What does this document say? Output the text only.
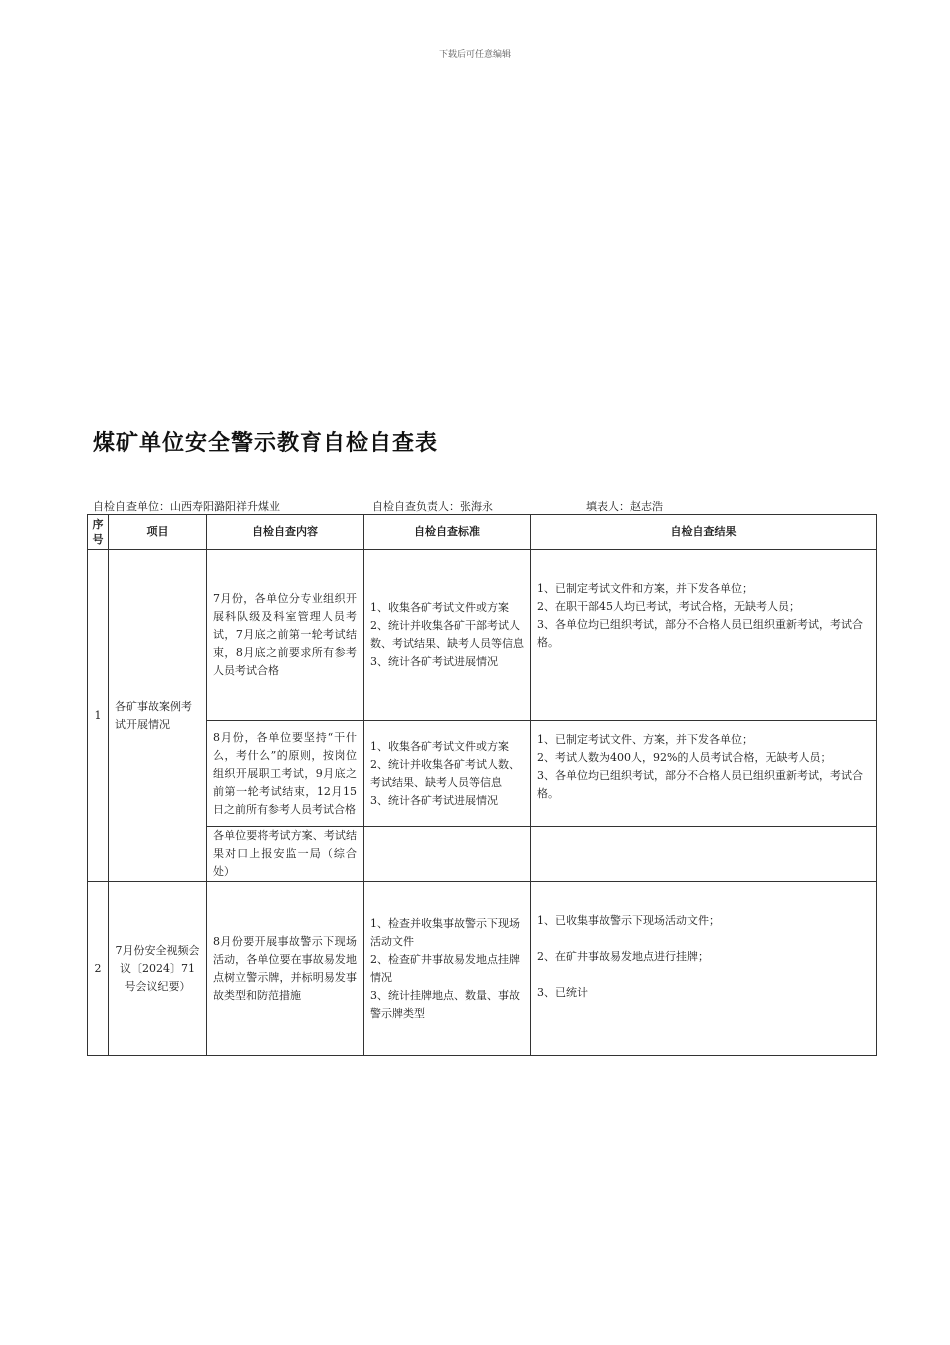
下载后可任意编辑
煤矿单位安全警示教育自检自查表
自检自查单位：山西寿阳潞阳祥升煤业	自检自查负责人：张海永	填表人：赵志浩
序
号	项目	自检自查内容	自检自查标准	自检自查结果
1	各矿事故案例考试开展情况	7月份，各单位分专业组织开展科队级及科室管理人员考试，7月底之前第一轮考试结束，8月底之前要求所有参考人员考试合格	1、收集各矿考试文件或方案
2、统计并收集各矿干部考试人数、考试结果、缺考人员等信息
3、统计各矿考试进展情况	1、已制定考试文件和方案，并下发各单位；
2、在职干部45人均已考试，考试合格，无缺考人员；
3、各单位均已组织考试，部分不合格人员已组织重新考试，考试合格。

		8月份，各单位要坚持“干什么，考什么”的原则，按岗位组织开展职工考试，9月底之前第一轮考试结束，12月15日之前所有参考人员考试合格	1、收集各矿考试文件或方案
2、统计并收集各矿考试人数、考试结果、缺考人员等信息
3、统计各矿考试进展情况	1、已制定考试文件、方案，并下发各单位；
2、考试人数为400人，92%的人员考试合格，无缺考人员；
3、各单位均已组织考试，部分不合格人员已组织重新考试，考试合格。

		各单位要将考试方案、考试结果对口上报安监一局（综合处）		
2	7月份安全视频会议〔2024〕71号会议纪要）	8月份要开展事故警示下现场活动，各单位要在事故易发地点树立警示牌，并标明易发事故类型和防范措施	1、检查并收集事故警示下现场活动文件
2、检查矿井事故易发地点挂牌情况
3、统计挂牌地点、数量、事故警示牌类型	1、已收集事故警示下现场活动文件；
2、在矿井事故易发地点进行挂牌；
3、已统计
